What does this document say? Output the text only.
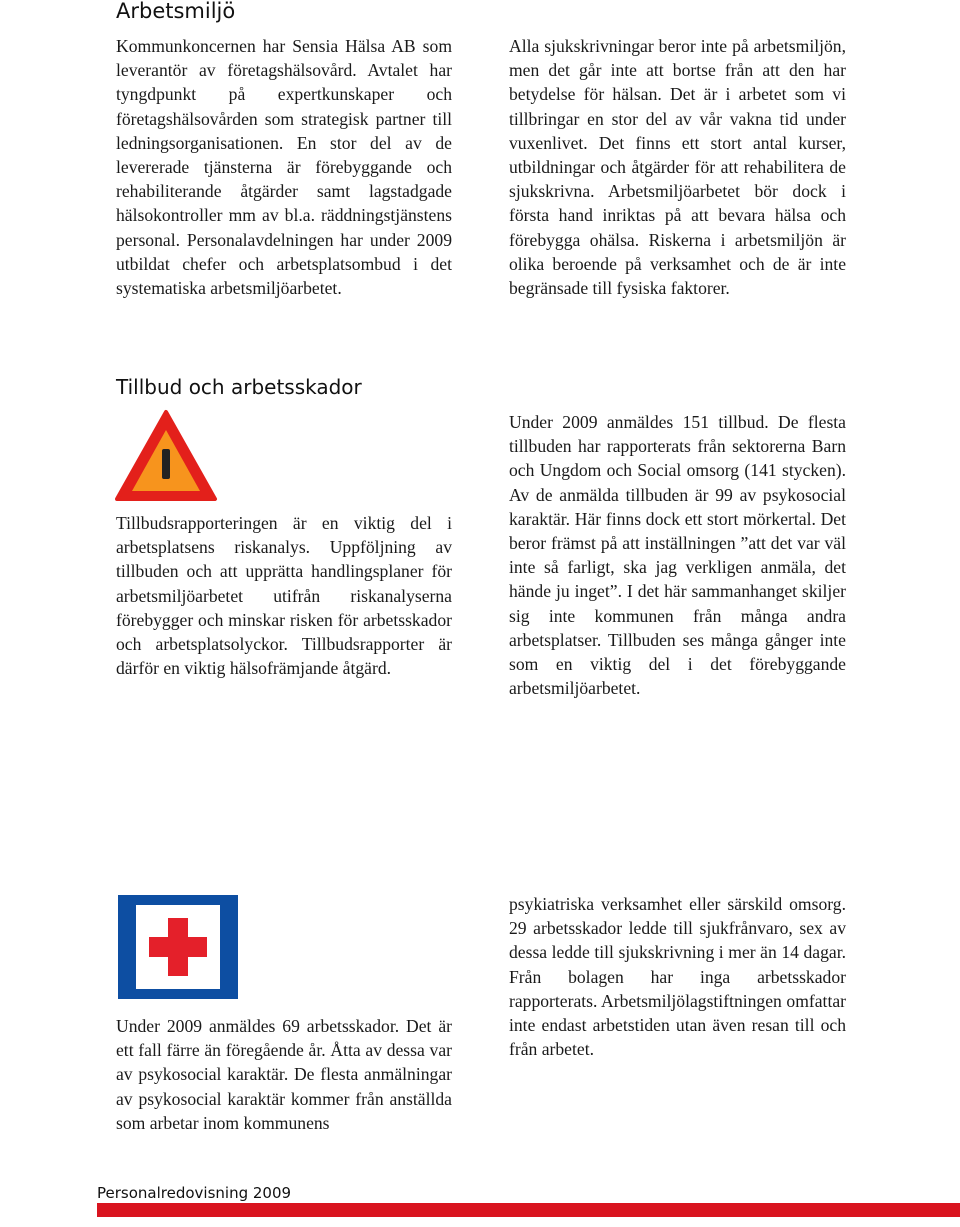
Arbetsmiljö

Kommunkoncernen har Sensia Hälsa AB som leverantör av företagshälsovård. Avtalet har tyngdpunkt på expertkunskaper och företagshälsovården som strategisk partner till ledningsorganisationen. En stor del av de levererade tjänsterna är förebyggande och rehabiliterande åtgärder samt lagstadgade hälsokontroller mm av bl.a. räddningstjänstens personal. Personalavdelningen har under 2009 utbildat chefer och arbetsplatsombud i det systematiska arbetsmiljöarbetet.

Alla sjukskrivningar beror inte på arbetsmiljön, men det går inte att bortse från att den har betydelse för hälsan. Det är i arbetet som vi tillbringar en stor del av vår vakna tid under vuxenlivet. Det finns ett stort antal kurser, utbildningar och åtgärder för att rehabilitera de sjukskrivna. Arbetsmiljöarbetet bör dock i första hand inriktas på att bevara hälsa och förebygga ohälsa. Riskerna i arbetsmiljön är olika beroende på verksamhet och de är inte begränsade till fysiska faktorer.

Tillbud och arbetsskador

Tillbudsrapporteringen är en viktig del i arbetsplatsens riskanalys. Uppföljning av tillbuden och att upprätta handlingsplaner för arbetsmiljöarbetet utifrån riskanalyserna förebygger och minskar risken för arbetsskador och arbetsplatsolyckor. Tillbudsrapporter är därför en viktig hälsofrämjande åtgärd.

Under 2009 anmäldes 151 tillbud. De flesta tillbuden har rapporterats från sektorerna Barn och Ungdom och Social omsorg (141 stycken). Av de anmälda tillbuden är 99 av psykosocial karaktär. Här finns dock ett stort mörkertal. Det beror främst på att inställningen ”att det var väl inte så farligt, ska jag verkligen anmäla, det hände ju inget”. I det här sammanhanget skiljer sig inte kommunen från många andra arbetsplatser. Tillbuden ses många gånger inte som en viktig del i det förebyggande arbetsmiljöarbetet.

Under 2009 anmäldes 69 arbetsskador. Det är ett fall färre än föregående år. Åtta av dessa var av psykosocial karaktär. De flesta anmälningar av psykosocial karaktär kommer från anställda som arbetar inom kommunens

psykiatriska verksamhet eller särskild omsorg. 29 arbetsskador ledde till sjukfrånvaro, sex av dessa ledde till sjukskrivning i mer än 14 dagar. Från bolagen har inga arbetsskador rapporterats. Arbetsmiljölagstiftningen omfattar inte endast arbetstiden utan även resan till och från arbetet.

Personalredovisning 2009
